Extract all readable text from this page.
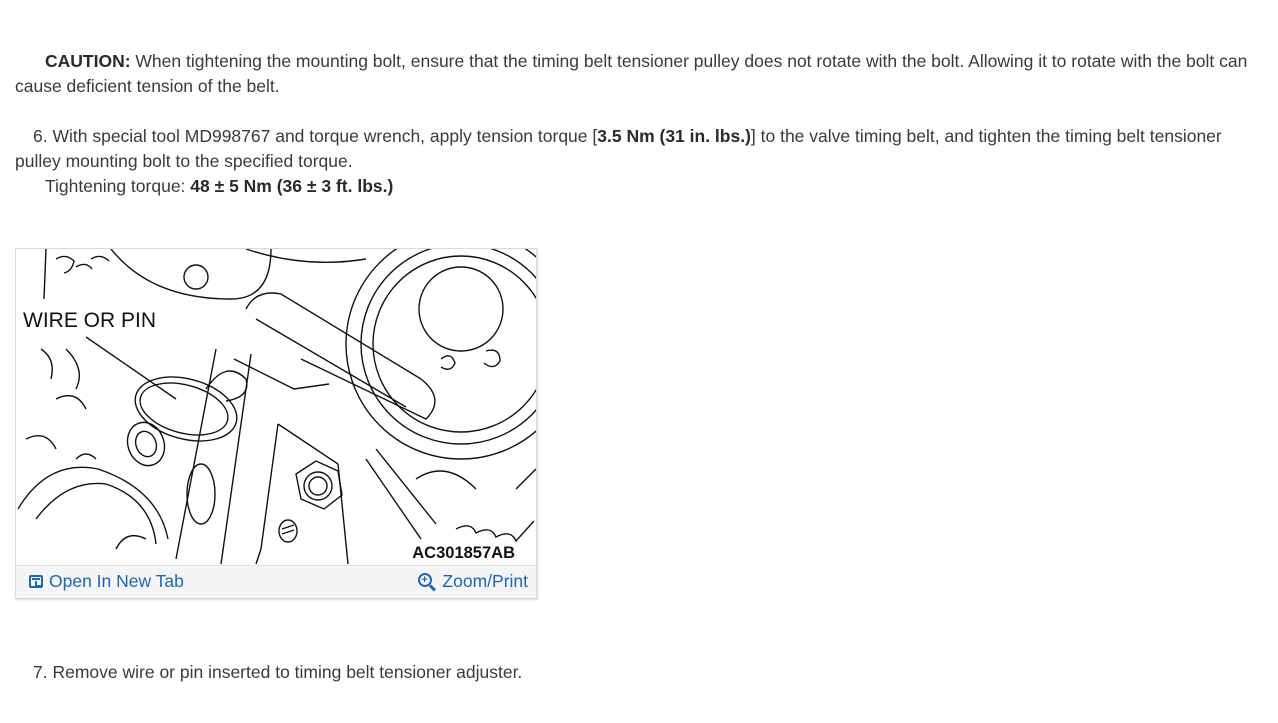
CAUTION: When tightening the mounting bolt, ensure that the timing belt tensioner pulley does not rotate with the bolt. Allowing it to rotate with the bolt can cause deficient tension of the belt.

6. With special tool MD998767 and torque wrench, apply tension torque [3.5 Nm (31 in. lbs.)] to the valve timing belt, and tighten the timing belt tensioner pulley mounting bolt to the specified torque.

Tightening torque: 48 ± 5 Nm (36 ± 3 ft. lbs.)

WIRE OR PIN
AC301857AB
Open In New Tab	+ Zoom/Print

7. Remove wire or pin inserted to timing belt tensioner adjuster.
